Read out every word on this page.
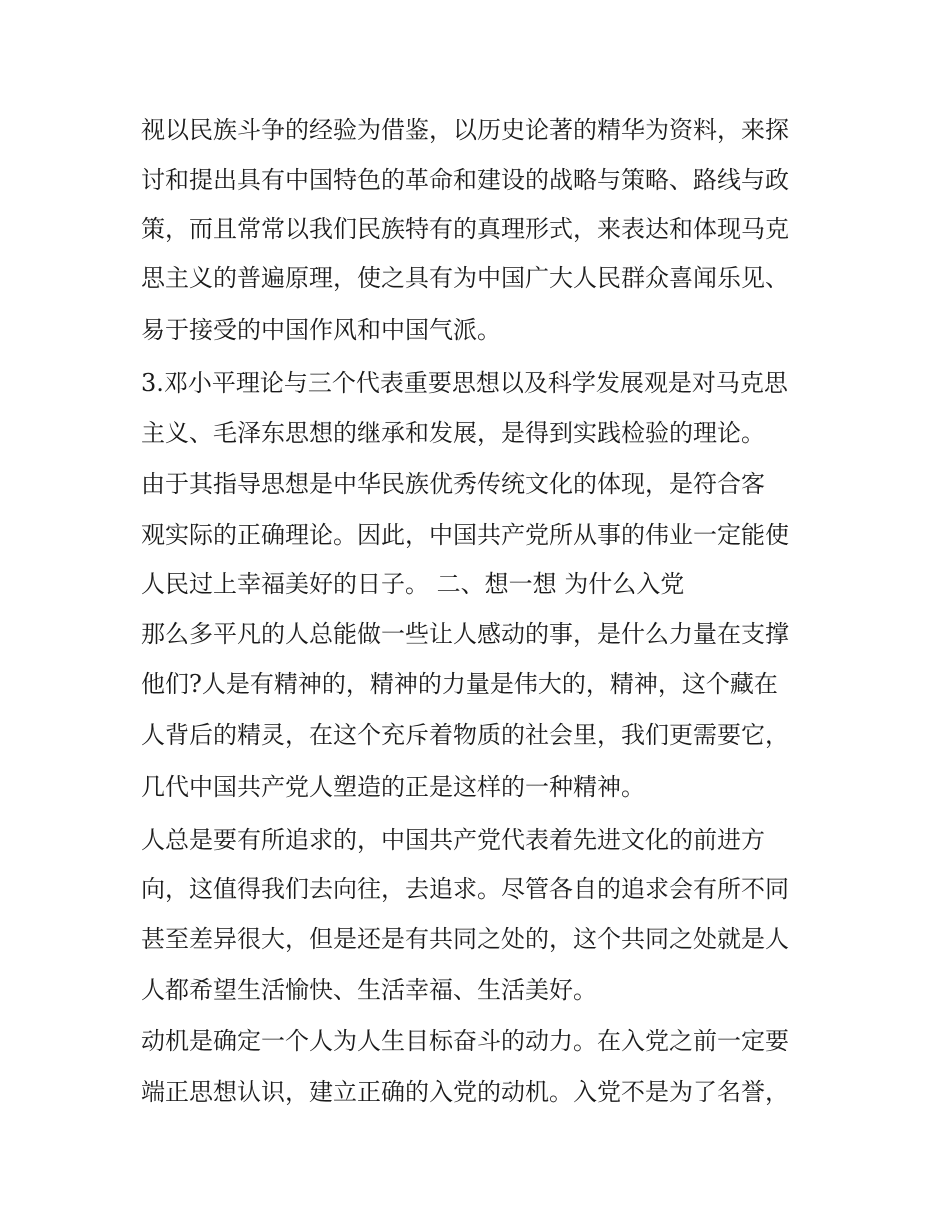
视以民族斗争的经验为借鉴，以历史论著的精华为资料，来探
讨和提出具有中国特色的革命和建设的战略与策略、路线与政
策，而且常常以我们民族特有的真理形式，来表达和体现马克
思主义的普遍原理，使之具有为中国广大人民群众喜闻乐见、
易于接受的中国作风和中国气派。
3.邓小平理论与三个代表重要思想以及科学发展观是对马克思
主义、毛泽东思想的继承和发展，是得到实践检验的理论。
由于其指导思想是中华民族优秀传统文化的体现，是符合客
观实际的正确理论。因此，中国共产党所从事的伟业一定能使
人民过上幸福美好的日子。 二、想一想 为什么入党
那么多平凡的人总能做一些让人感动的事，是什么力量在支撑
他们?人是有精神的，精神的力量是伟大的，精神，这个藏在
人背后的精灵，在这个充斥着物质的社会里，我们更需要它，
几代中国共产党人塑造的正是这样的一种精神。
人总是要有所追求的，中国共产党代表着先进文化的前进方
向，这值得我们去向往，去追求。尽管各自的追求会有所不同
甚至差异很大，但是还是有共同之处的，这个共同之处就是人
人都希望生活愉快、生活幸福、生活美好。
动机是确定一个人为人生目标奋斗的动力。在入党之前一定要
端正思想认识，建立正确的入党的动机。入党不是为了名誉，
